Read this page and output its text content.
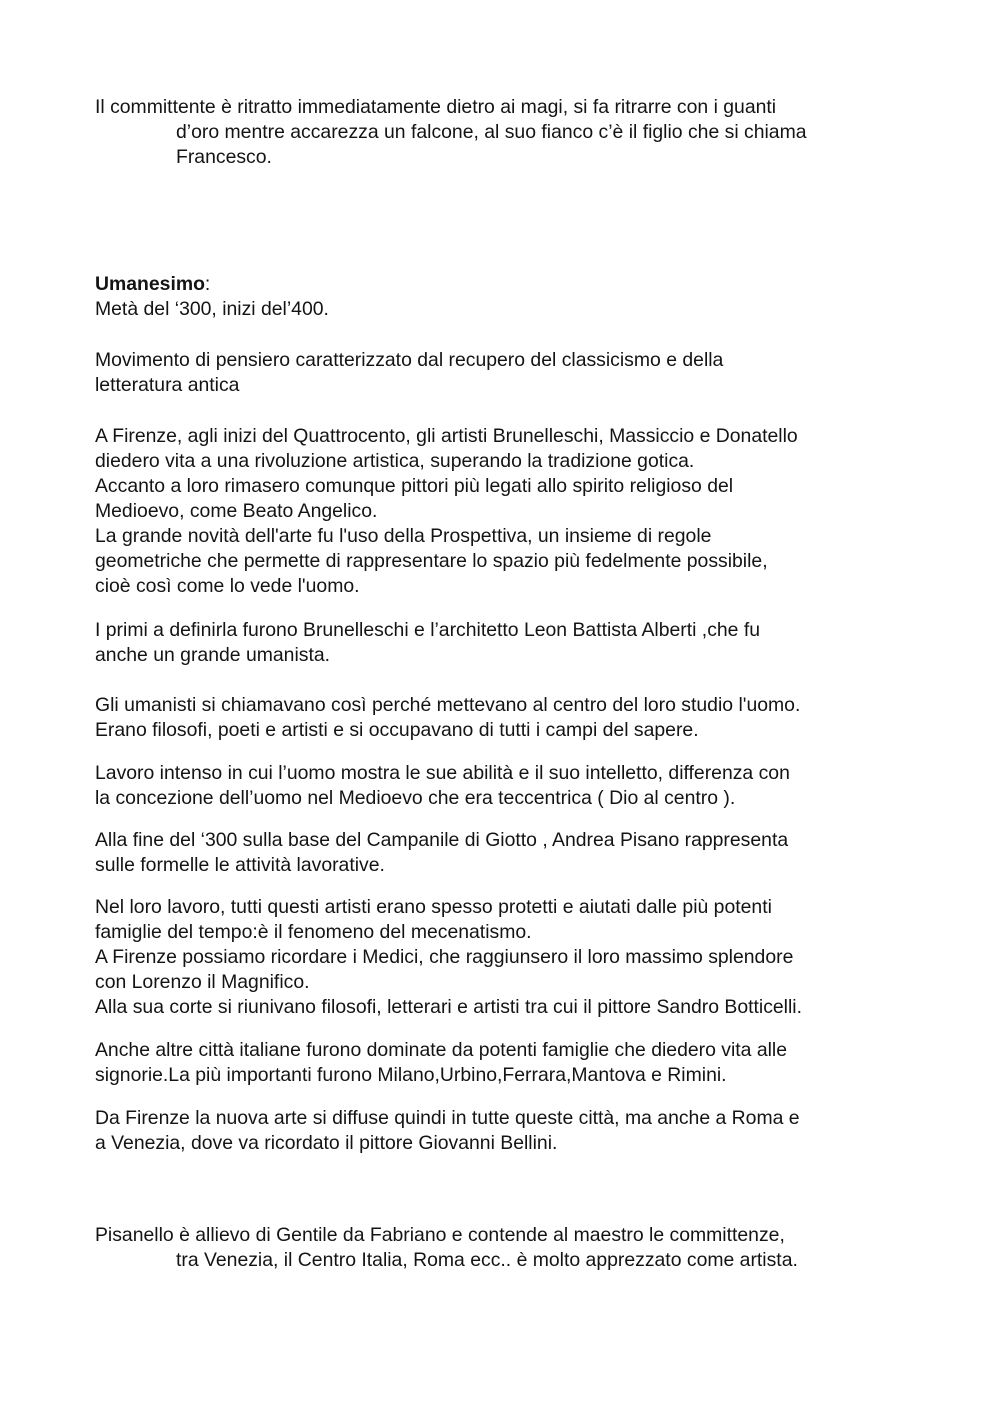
Il committente è ritratto immediatamente dietro ai magi, si fa ritrarre con i guanti

d’oro mentre accarezza un falcone, al suo fianco c’è il figlio che si chiama

Francesco.

Umanesimo:

Metà del ‘300, inizi del’400.

Movimento di pensiero caratterizzato dal recupero del classicismo e della

letteratura antica

A Firenze, agli inizi del Quattrocento, gli artisti Brunelleschi, Massiccio e Donatello

diedero vita a una rivoluzione artistica, superando la tradizione gotica.

Accanto a loro rimasero comunque pittori più legati allo spirito religioso del

Medioevo, come Beato Angelico.

La grande novità dell'arte fu l'uso della Prospettiva, un insieme di regole

geometriche che permette di rappresentare lo spazio più fedelmente possibile,

cioè così come lo vede l'uomo.

I primi a definirla furono Brunelleschi e l’architetto Leon Battista Alberti ,che fu

anche un grande umanista.

Gli umanisti si chiamavano così perché mettevano al centro del loro studio l'uomo.

Erano filosofi, poeti e artisti e si occupavano di tutti i campi del sapere.

Lavoro intenso in cui l’uomo mostra le sue abilità e il suo intelletto, differenza con

la concezione dell’uomo nel Medioevo che era teccentrica ( Dio al centro ).

Alla fine del ‘300 sulla base del Campanile di Giotto , Andrea Pisano rappresenta

sulle formelle le attività lavorative.

Nel loro lavoro, tutti questi artisti erano spesso protetti e aiutati dalle più potenti

famiglie del tempo:è il fenomeno del mecenatismo.

A Firenze possiamo ricordare i Medici, che raggiunsero il loro massimo splendore

con Lorenzo il Magnifico.

Alla sua corte si riunivano filosofi, letterari e artisti tra cui il pittore Sandro Botticelli.

Anche altre città italiane furono dominate da potenti famiglie che diedero vita alle

signorie.La più importanti furono Milano,Urbino,Ferrara,Mantova e Rimini.

Da Firenze la nuova arte si diffuse quindi in tutte queste città, ma anche a Roma e

a Venezia, dove va ricordato il pittore Giovanni Bellini.

Pisanello è allievo di Gentile da Fabriano e contende al maestro le committenze,

tra Venezia, il Centro Italia, Roma ecc.. è molto apprezzato come artista.
